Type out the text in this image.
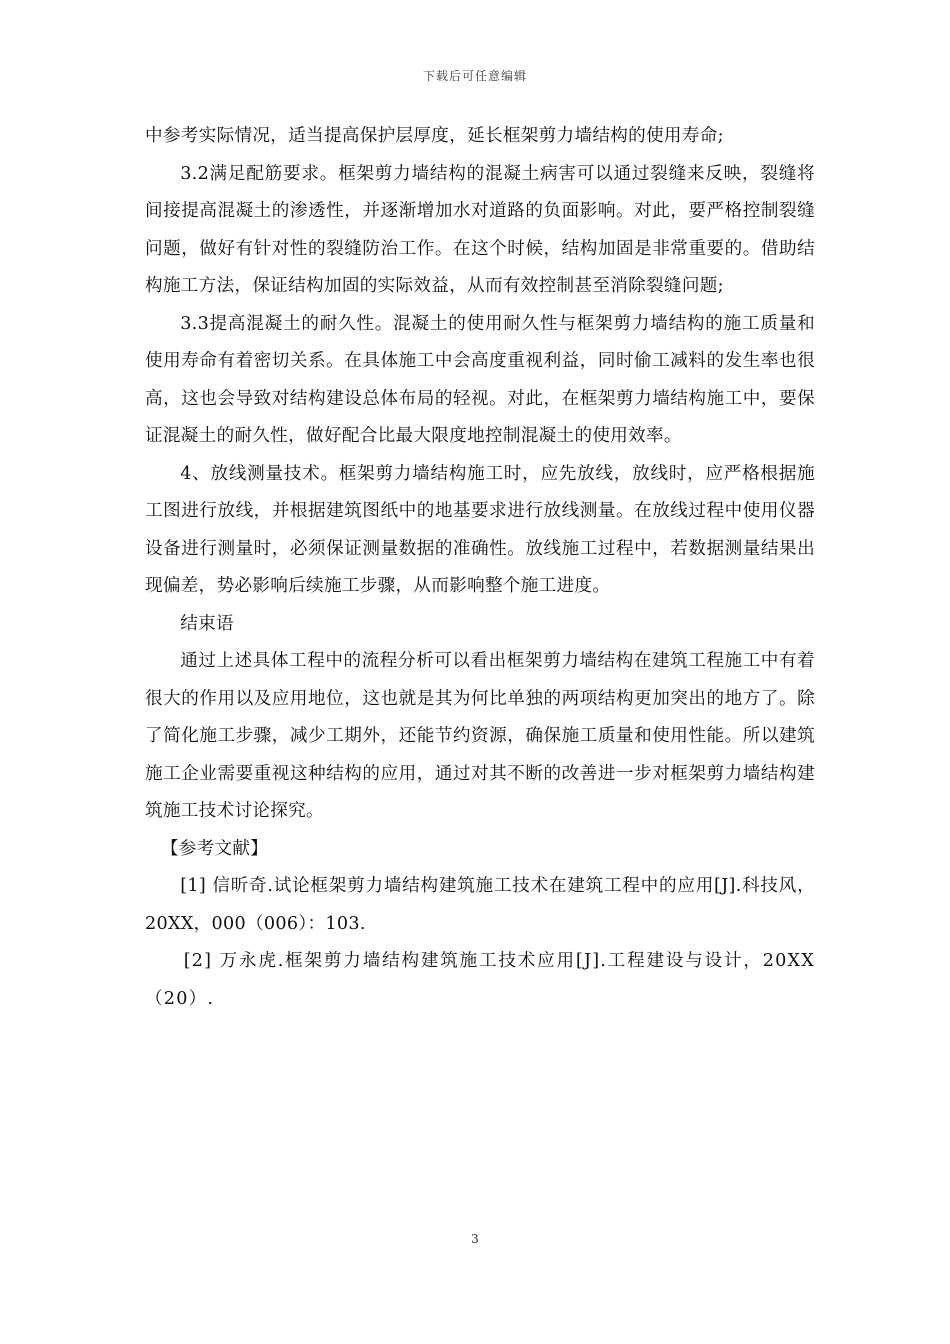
下载后可任意编辑

中参考实际情况，适当提高保护层厚度，延长框架剪力墙结构的使用寿命;

3.2满足配筋要求。框架剪力墙结构的混凝土病害可以通过裂缝来反映，裂缝将间接提高混凝土的渗透性，并逐渐增加水对道路的负面影响。对此，要严格控制裂缝问题，做好有针对性的裂缝防治工作。在这个时候，结构加固是非常重要的。借助结构施工方法，保证结构加固的实际效益，从而有效控制甚至消除裂缝问题;

3.3提高混凝土的耐久性。混凝土的使用耐久性与框架剪力墙结构的施工质量和使用寿命有着密切关系。在具体施工中会高度重视利益，同时偷工减料的发生率也很高，这也会导致对结构建设总体布局的轻视。对此，在框架剪力墙结构施工中，要保证混凝土的耐久性，做好配合比最大限度地控制混凝土的使用效率。

4、放线测量技术。框架剪力墙结构施工时，应先放线，放线时，应严格根据施工图进行放线，并根据建筑图纸中的地基要求进行放线测量。在放线过程中使用仪器设备进行测量时，必须保证测量数据的准确性。放线施工过程中，若数据测量结果出现偏差，势必影响后续施工步骤，从而影响整个施工进度。

结束语

通过上述具体工程中的流程分析可以看出框架剪力墙结构在建筑工程施工中有着很大的作用以及应用地位，这也就是其为何比单独的两项结构更加突出的地方了。除了简化施工步骤，减少工期外，还能节约资源，确保施工质量和使用性能。所以建筑施工企业需要重视这种结构的应用，通过对其不断的改善进一步对框架剪力墙结构建筑施工技术讨论探究。

【参考文献】

[1] 信昕奇.试论框架剪力墙结构建筑施工技术在建筑工程中的应用[J].科技风，20XX，000（006）：103.

[2] 万永虎.框架剪力墙结构建筑施工技术应用[J].工程建设与设计，20XX（20）.

3
